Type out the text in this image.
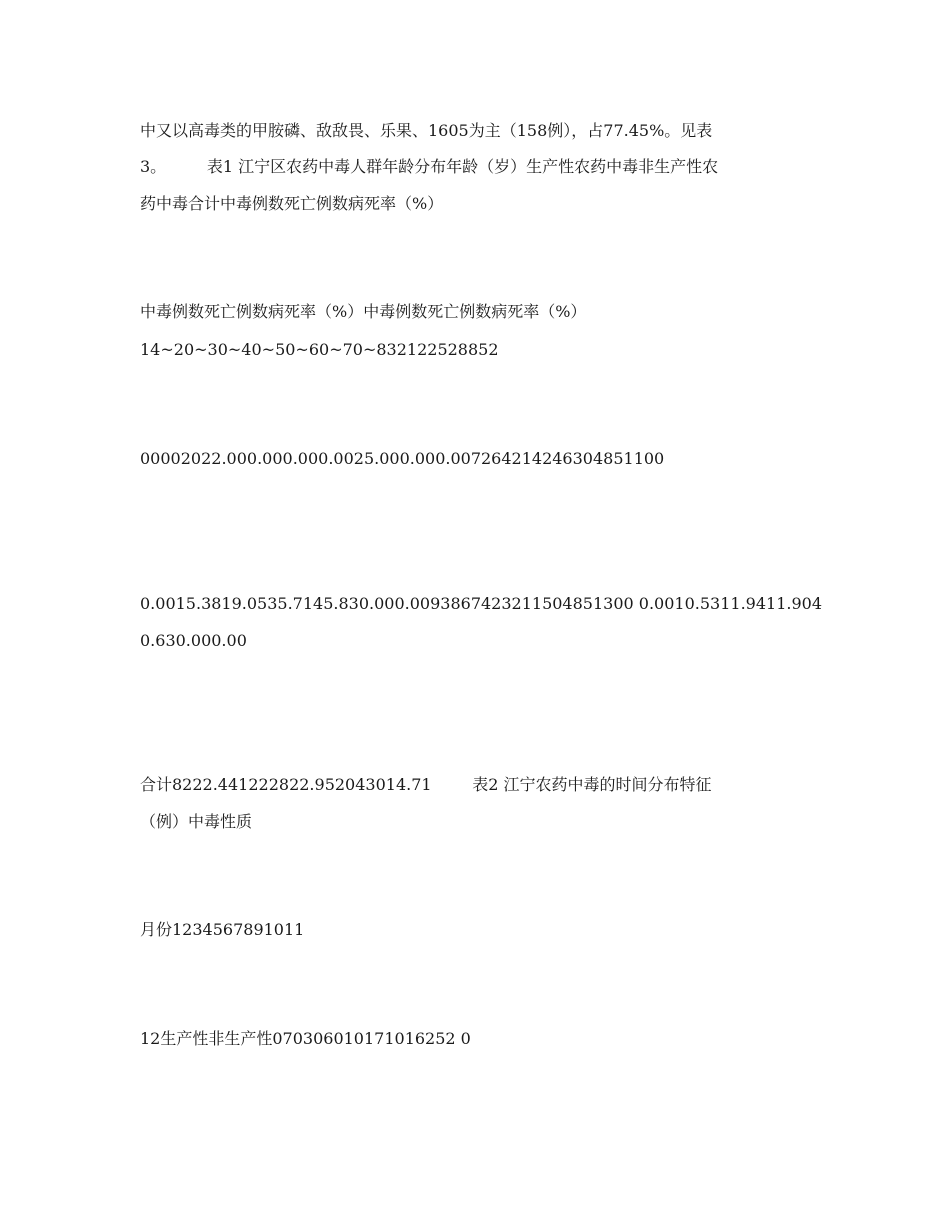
中又以高毒类的甲胺磷、敌敌畏、乐果、1605为主（158例），占77.45%。见表
3。        表1 江宁区农药中毒人群年龄分布年龄（岁）生产性农药中毒非生产性农
药中毒合计中毒例数死亡例数病死率（%）
中毒例数死亡例数病死率（%）中毒例数死亡例数病死率（%）
14~20~30~40~50~60~70~832122528852
00002022.000.000.000.0025.000.000.007264214246304851100
0.0015.3819.0535.7145.830.000.0093867423211504851300 0.0010.5311.9411.904
0.630.000.00
合计8222.441222822.952043014.71        表2 江宁农药中毒的时间分布特征
（例）中毒性质
月份1234567891011
12生产性非生产性070306010171016252 0
